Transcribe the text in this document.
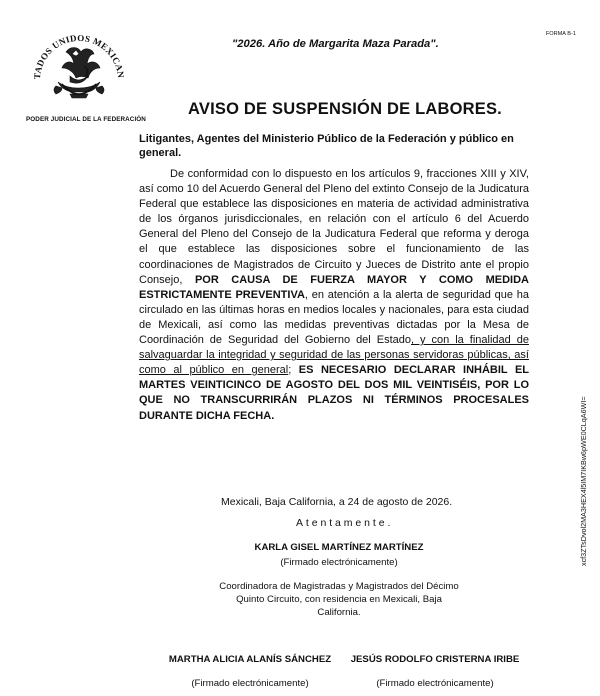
TADOS UNIDOS MEXICAN
PODER JUDICIAL DE LA FEDERACIÓN
"2026. Año de Margarita Maza Parada".
FORMA B-1
AVISO DE SUSPENSIÓN DE LABORES.
Litigantes, Agentes del Ministerio Público de la Federación y público en general.

De conformidad con lo dispuesto en los artículos 9, fracciones XIII y XIV, así como 10 del Acuerdo General del Pleno del extinto Consejo de la Judicatura Federal que establece las disposiciones en materia de actividad administrativa de los órganos jurisdiccionales, en relación con el artículo 6 del Acuerdo General del Pleno del Consejo de la Judicatura Federal que reforma y deroga el que establece las disposiciones sobre el funcionamiento de las coordinaciones de Magistrados de Circuito y Jueces de Distrito ante el propio Consejo, POR CAUSA DE FUERZA MAYOR Y COMO MEDIDA ESTRICTAMENTE PREVENTIVA, en atención a la alerta de seguridad que ha circulado en las últimas horas en medios locales y nacionales, para esta ciudad de Mexicali, así como las medidas preventivas dictadas por la Mesa de Coordinación de Seguridad del Gobierno del Estado, y con la finalidad de salvaguardar la integridad y seguridad de las personas servidoras públicas, así como al público en general; ES NECESARIO DECLARAR INHÁBIL EL MARTES VEINTICINCO DE AGOSTO DEL DOS MIL VEINTISÉIS, POR LO QUE NO TRANSCURRIRÁN PLAZOS NI TÉRMINOS PROCESALES DURANTE DICHA FECHA.

Mexicali, Baja California, a 24 de agosto de 2026.
Atentamente.
KARLA GISEL MARTÍNEZ MARTÍNEZ
(Firmado electrónicamente)
Coordinadora de Magistradas y Magistrados del Décimo Quinto Circuito, con residencia en Mexicali, Baja California.
MARTHA ALICIA ALANÍS SÁNCHEZ
(Firmado electrónicamente)
JESÚS RODOLFO CRISTERNA IRIBE
(Firmado electrónicamente)
xcf3ZTsDvol2MA3HEX4l5IM7IKBw6pWE0CLqA6WI=
